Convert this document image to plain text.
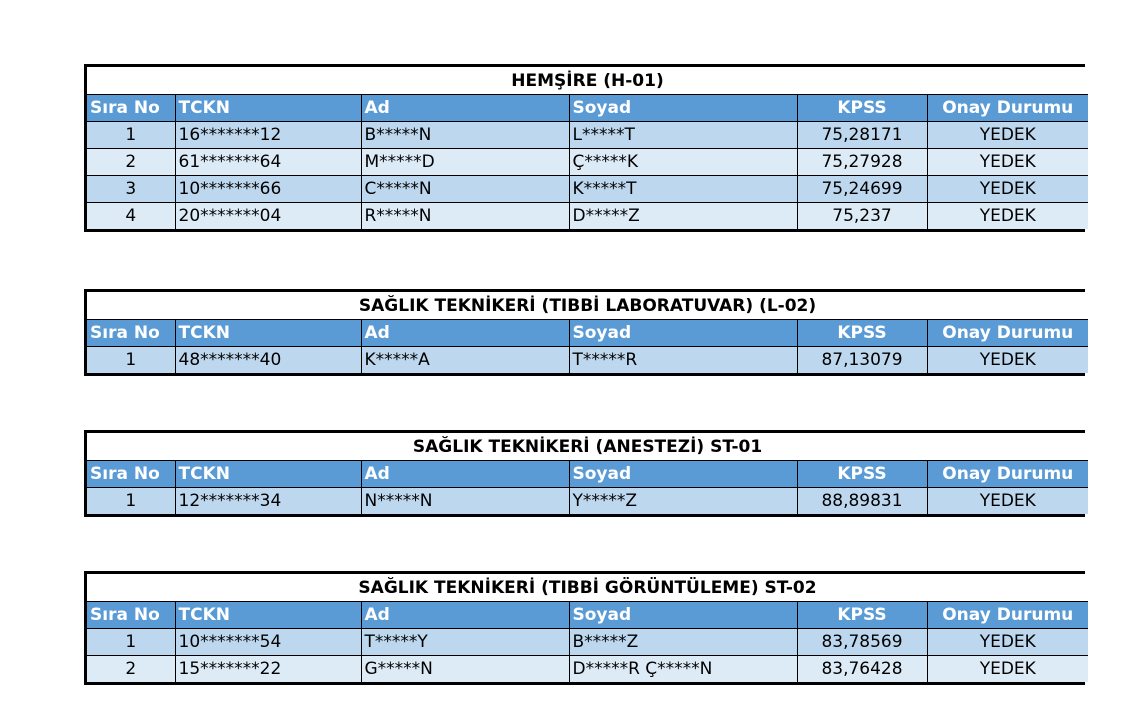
HEMŞİRE (H-01)					
Sıra No	TCKN	Ad	Soyad	KPSS	Onay Durumu
1	16*******12	B*****N	L*****T	75,28171	YEDEK
2	61*******64	M*****D	Ç*****K	75,27928	YEDEK
3	10*******66	C*****N	K*****T	75,24699	YEDEK
4	20*******04	R*****N	D*****Z	75,237	YEDEK
SAĞLIK TEKNİKERİ (TIBBİ LABORATUVAR) (L-02)					
Sıra No	TCKN	Ad	Soyad	KPSS	Onay Durumu
1	48*******40	K*****A	T*****R	87,13079	YEDEK
SAĞLIK TEKNİKERİ (ANESTEZİ) ST-01					
Sıra No	TCKN	Ad	Soyad	KPSS	Onay Durumu
1	12*******34	N*****N	Y*****Z	88,89831	YEDEK
SAĞLIK TEKNİKERİ (TIBBİ GÖRÜNTÜLEME) ST-02					
Sıra No	TCKN	Ad	Soyad	KPSS	Onay Durumu
1	10*******54	T*****Y	B*****Z	83,78569	YEDEK
2	15*******22	G*****N	D*****R Ç*****N	83,76428	YEDEK
